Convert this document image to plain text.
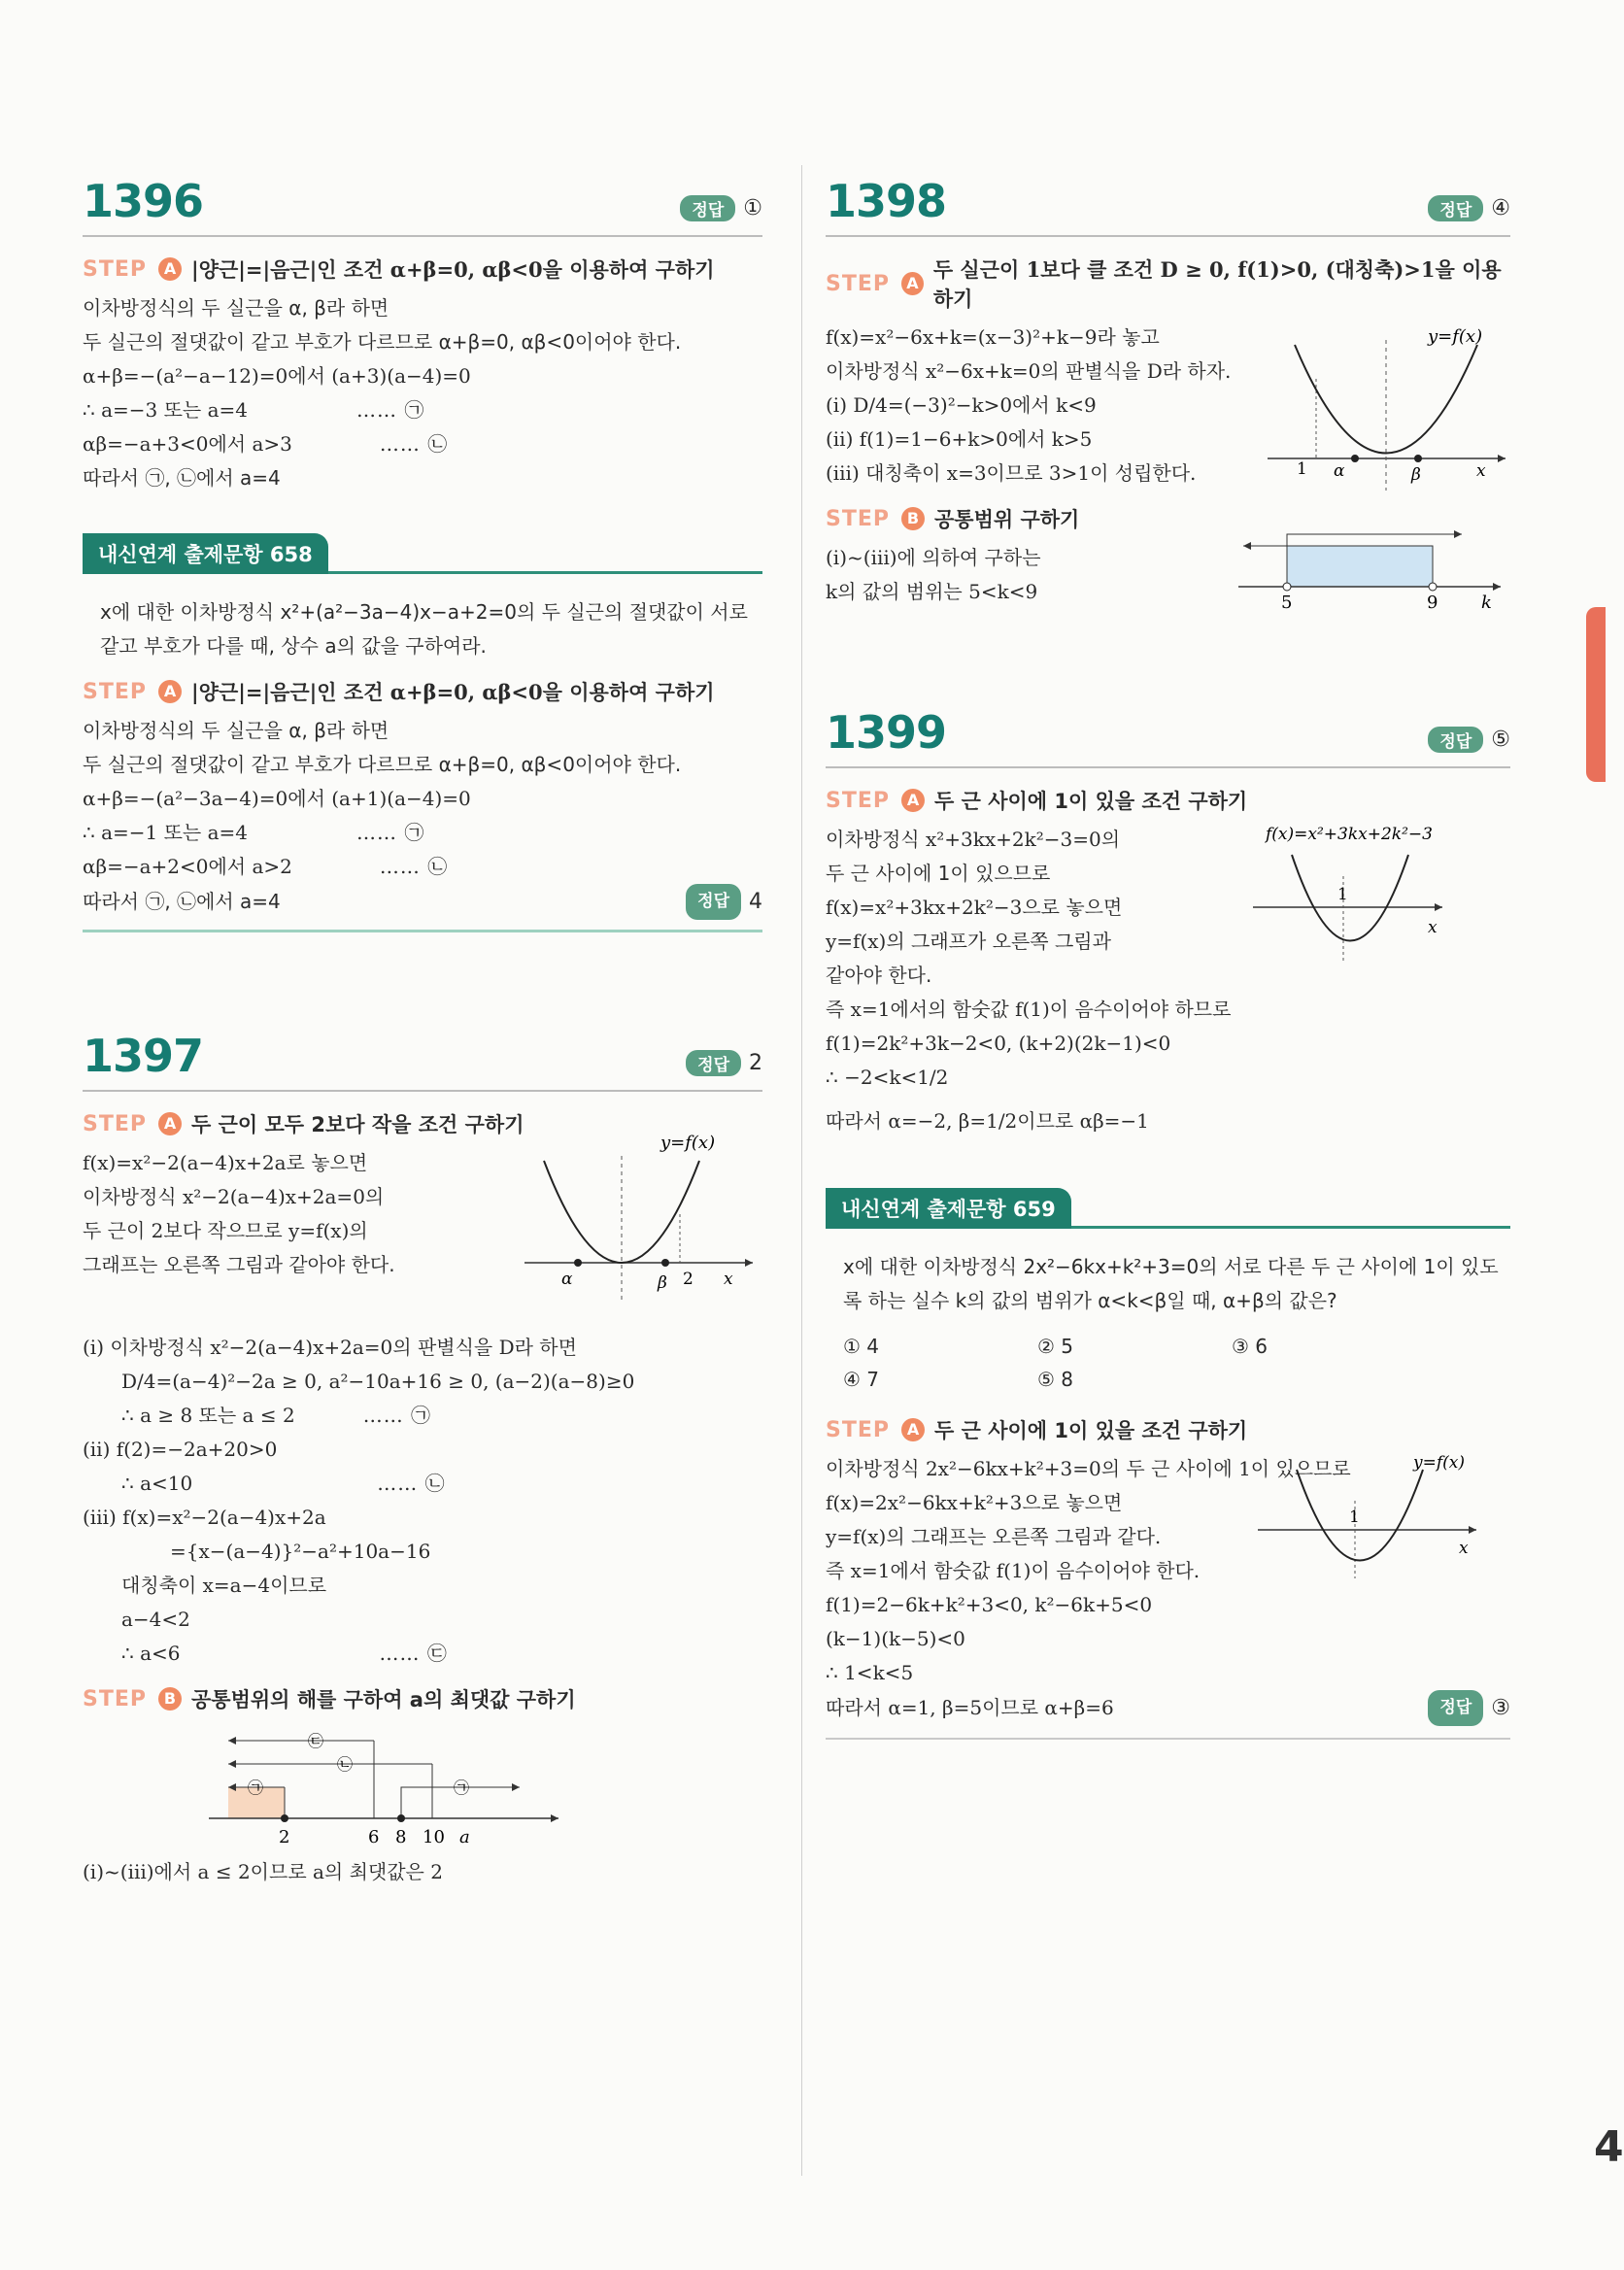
1396	정답 ①
STEP	A |양근|=|음근|인 조건 α+β=0, αβ<0을 이용하여 구하기
이차방정식의 두 실근을 α, β라 하면
두 실근의 절댓값이 같고 부호가 다르므로 α+β=0, αβ<0이어야 한다.
α+β=−(a²−a−12)=0에서 (a+3)(a−4)=0
∴ a=−3 또는 a=4	…… ㉠
αβ=−a+3<0에서 a>3	…… ㉡
따라서 ㉠, ㉡에서 a=4
내신연계 출제문항 658
x에 대한 이차방정식 x²+(a²−3a−4)x−a+2=0의 두 실근의 절댓값이 서로 같고 부호가 다를 때, 상수 a의 값을 구하여라.
STEP	A |양근|=|음근|인 조건 α+β=0, αβ<0을 이용하여 구하기
이차방정식의 두 실근을 α, β라 하면
두 실근의 절댓값이 같고 부호가 다르므로 α+β=0, αβ<0이어야 한다.
α+β=−(a²−3a−4)=0에서 (a+1)(a−4)=0
∴ a=−1 또는 a=4	…… ㉠
αβ=−a+2<0에서 a>2	…… ㉡
따라서 ㉠, ㉡에서 a=4	정답 4
1397	정답 2
STEP	A 두 근이 모두 2보다 작을 조건 구하기
f(x)=x²−2(a−4)x+2a로 놓으면
이차방정식 x²−2(a−4)x+2a=0의
두 근이 2보다 작으므로 y=f(x)의
그래프는 오른쪽 그림과 같아야 한다.
y=f(x)
α	β 2 x
(ⅰ) 이차방정식 x²−2(a−4)x+2a=0의 판별식을 D라 하면
D/4=(a−4)²−2a ≥ 0, a²−10a+16 ≥ 0, (a−2)(a−8)≥0
∴ a ≥ 8 또는 a ≤ 2	…… ㉠
(ⅱ) f(2)=−2a+20>0
∴ a<10	…… ㉡
(ⅲ) f(x)=x²−2(a−4)x+2a
={x−(a−4)}²−a²+10a−16
대칭축이 x=a−4이므로
a−4<2
∴ a<6	…… ㉢
STEP	B 공통범위의 해를 구하여 a의 최댓값 구하기
㉢
㉡
㉠	㉠
2	6 8 10 a
(ⅰ)~(ⅲ)에서 a ≤ 2이므로 a의 최댓값은 2
1398	정답 ④
STEP	A
두 실근이 1보다 클 조건 D ≥ 0, f(1)>0, (대칭축)>1을 이용하기
f(x)=x²−6x+k=(x−3)²+k−9라 놓고
이차방정식 x²−6x+k=0의 판별식을 D라 하자.
(ⅰ) D/4=(−3)²−k>0에서 k<9
(ⅱ) f(1)=1−6+k>0에서 k>5
(ⅲ) 대칭축이 x=3이므로 3>1이 성립한다.
y=f(x)
1 α	β	x
STEP	B 공통범위 구하기
(ⅰ)~(ⅲ)에 의하여 구하는
k의 값의 범위는 5<k<9	5	9 k
1399	정답 ⑤
STEP	A 두 근 사이에 1이 있을 조건 구하기
이차방정식 x²+3kx+2k²−3=0의
두 근 사이에 1이 있으므로
f(x)=x²+3kx+2k²−3으로 놓으면
y=f(x)의 그래프가 오른쪽 그림과
같아야 한다.
즉 x=1에서의 함숫값 f(1)이 음수이어야 하므로
f(1)=2k²+3k−2<0, (k+2)(2k−1)<0
∴ −2<k<1/2
따라서 α=−2, β=1/2이므로 αβ=−1
f(x)=x²+3kx+2k²−3
1
x
내신연계 출제문항 659
x에 대한 이차방정식 2x²−6kx+k²+3=0의 서로 다른 두 근 사이에 1이 있도록 하는 실수 k의 값의 범위가 α<k<β일 때, α+β의 값은?
① 4	② 5	③ 6
④ 7	⑤ 8
STEP	A 두 근 사이에 1이 있을 조건 구하기
이차방정식 2x²−6kx+k²+3=0의 두 근 사이에 1이 있으므로
f(x)=2x²−6kx+k²+3으로 놓으면
y=f(x)의 그래프는 오른쪽 그림과 같다.
즉 x=1에서 함숫값 f(1)이 음수이어야 한다.
f(1)=2−6k+k²+3<0, k²−6k+5<0
(k−1)(k−5)<0
∴ 1<k<5
따라서 α=1, β=5이므로 α+β=6	정답 ③
y=f(x)
1
x
4
